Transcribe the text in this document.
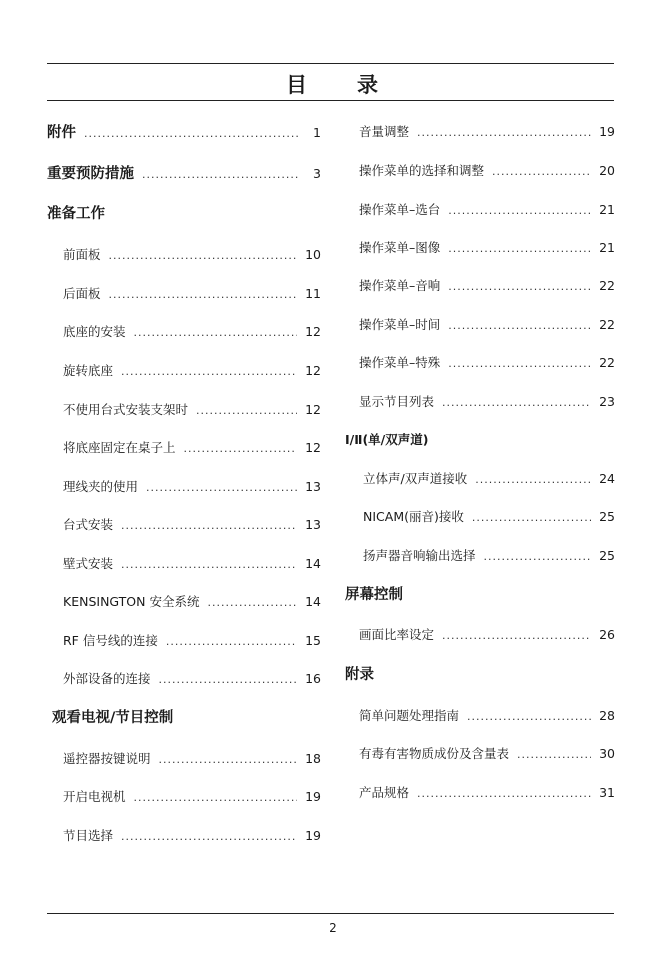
目 录
附件 .....	1
重要预防措施 .....	3
准备工作
前面板 .....	10
后面板 .....	11
底座的安装 .....	12
旋转底座 .....	12
不使用台式安装支架时 .....	12
将底座固定在桌子上 .....	12
理线夹的使用 .....	13
台式安装 .....	13
壁式安装 .....	14
KENSINGTON 安全系统 .....	14
RF 信号线的连接 .....	15
外部设备的连接 .....	16
观看电视/节目控制
遥控器按键说明 .....	18
开启电视机 .....	19
节目选择 .....	19
音量调整 .....	19
操作菜单的选择和调整 .....	20
操作菜单–选台 .....	21
操作菜单–图像 .....	21
操作菜单–音响 .....	22
操作菜单–时间 .....	22
操作菜单–特殊 .....	22
显示节目列表 .....	23
Ⅰ/Ⅱ(单/双声道)
立体声/双声道接收 .....	24
NICAM(丽音)接收 .....	25
扬声器音响输出选择 .....	25
屏幕控制
画面比率设定 .....	26
附录
简单问题处理指南 .....	28
有毒有害物质成份及含量表 .....	30
产品规格 .....	31
2
